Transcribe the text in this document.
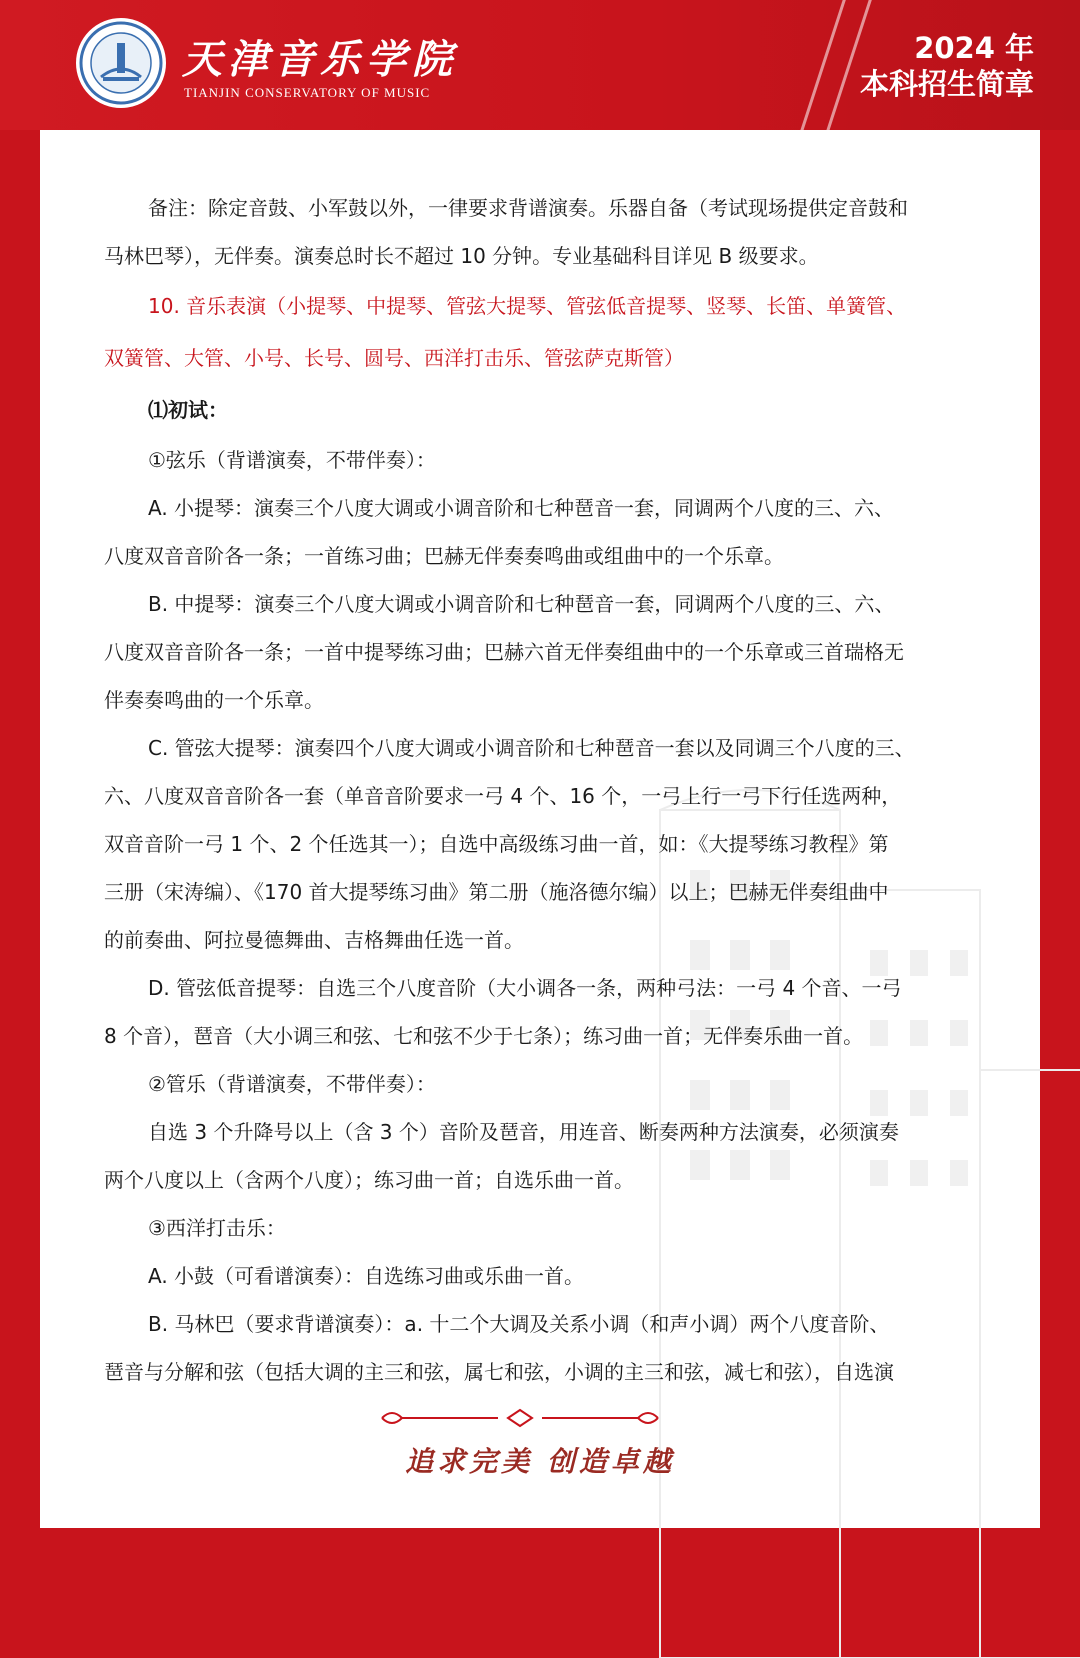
天津音乐学院
TIANJIN CONSERVATORY OF MUSIC
2024 年
本科招生简章

备注：除定音鼓、小军鼓以外，一律要求背谱演奏。乐器自备（考试现场提供定音鼓和

马林巴琴），无伴奏。演奏总时长不超过 10 分钟。专业基础科目详见 B 级要求。

10. 音乐表演（小提琴、中提琴、管弦大提琴、管弦低音提琴、竖琴、长笛、单簧管、

双簧管、大管、小号、长号、圆号、西洋打击乐、管弦萨克斯管）

⑴初试：

①弦乐（背谱演奏，不带伴奏）：

A. 小提琴：演奏三个八度大调或小调音阶和七种琶音一套，同调两个八度的三、六、

八度双音音阶各一条；一首练习曲；巴赫无伴奏奏鸣曲或组曲中的一个乐章。

B. 中提琴：演奏三个八度大调或小调音阶和七种琶音一套，同调两个八度的三、六、

八度双音音阶各一条；一首中提琴练习曲；巴赫六首无伴奏组曲中的一个乐章或三首瑞格无

伴奏奏鸣曲的一个乐章。

C. 管弦大提琴：演奏四个八度大调或小调音阶和七种琶音一套以及同调三个八度的三、

六、八度双音音阶各一套（单音音阶要求一弓 4 个、16 个，一弓上行一弓下行任选两种，

双音音阶一弓 1 个、2 个任选其一）；自选中高级练习曲一首，如：《大提琴练习教程》第

三册（宋涛编）、《170 首大提琴练习曲》第二册（施洛德尔编）以上；巴赫无伴奏组曲中

的前奏曲、阿拉曼德舞曲、吉格舞曲任选一首。

D. 管弦低音提琴：自选三个八度音阶（大小调各一条，两种弓法：一弓 4 个音、一弓

8 个音），琶音（大小调三和弦、七和弦不少于七条）；练习曲一首；无伴奏乐曲一首。

②管乐（背谱演奏，不带伴奏）：

自选 3 个升降号以上（含 3 个）音阶及琶音，用连音、断奏两种方法演奏，必须演奏

两个八度以上（含两个八度）；练习曲一首；自选乐曲一首。

③西洋打击乐：

A. 小鼓（可看谱演奏）：自选练习曲或乐曲一首。

B. 马林巴（要求背谱演奏）：a. 十二个大调及关系小调（和声小调）两个八度音阶、

琶音与分解和弦（包括大调的主三和弦，属七和弦，小调的主三和弦，减七和弦），自选演

追求完美 创造卓越
